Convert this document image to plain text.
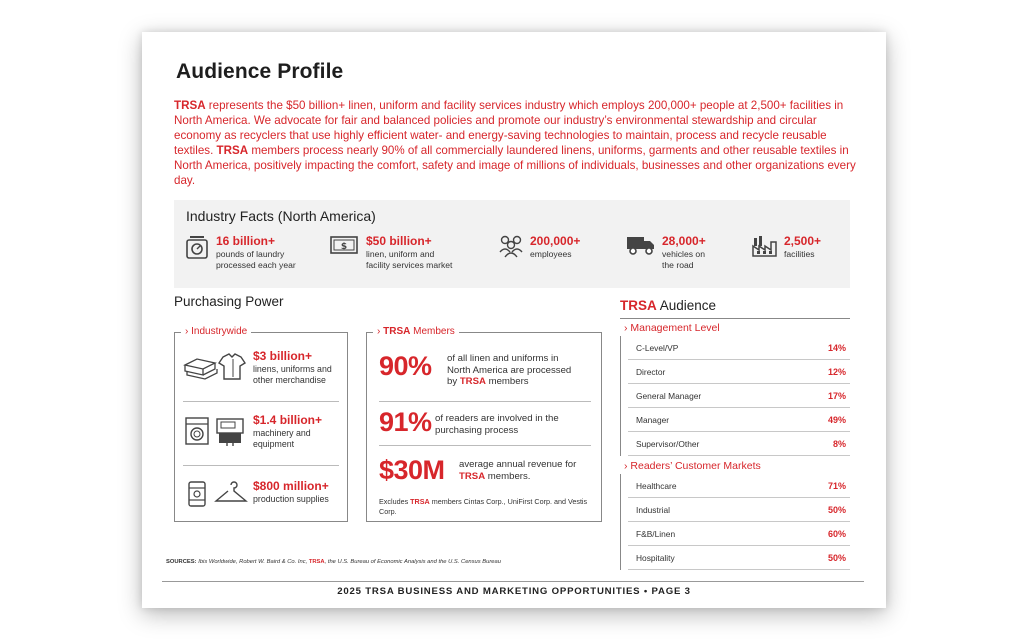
Audience Profile

TRSA represents the $50 billion+ linen, uniform and facility services industry which employs 200,000+ people at 2,500+ facilities in North America. We advocate for fair and balanced policies and promote our industry’s environmental stewardship and circular economy as recyclers that use highly efficient water- and energy-saving technologies to maintain, process and recycle reusable textiles. TRSA members process nearly 90% of all commercially laundered linens, uniforms, garments and other reusable textiles in North America, positively impacting the comfort, safety and image of millions of individuals, businesses and other organizations every day.

Industry Facts (North America)
16 billion+
pounds of laundry
processed each year
$ $50 billion+
linen, uniform and
facility services market
200,000+
employees
28,000+
vehicles on
the road
2,500+
facilities
Purchasing Power
› Industrywide
$3 billion+
linens, uniforms and
other merchandise
$1.4 billion+
machinery and
equipment
$800 million+
production supplies
› TRSA Members
90% of all linen and uniforms in
North America are processed
by TRSA members
91% of readers are involved in the
purchasing process
$30M average annual revenue for
TRSA members.
Excludes TRSA members Cintas Corp., UniFirst Corp. and Vestis Corp.
TRSA Audience
› Management Level
C-Level/VP	14%
Director	12%
General Manager	17%
Manager	49%
Supervisor/Other	8%
› Readers’ Customer Markets
Healthcare	71%
Industrial	50%
F&B/Linen	60%
Hospitality	50%
SOURCES: Ibis Worldwide, Robert W. Baird & Co. Inc, TRSA, the U.S. Bureau of Economic Analysis and the U.S. Census Bureau
2025 TRSA BUSINESS AND MARKETING OPPORTUNITIES • PAGE 3
